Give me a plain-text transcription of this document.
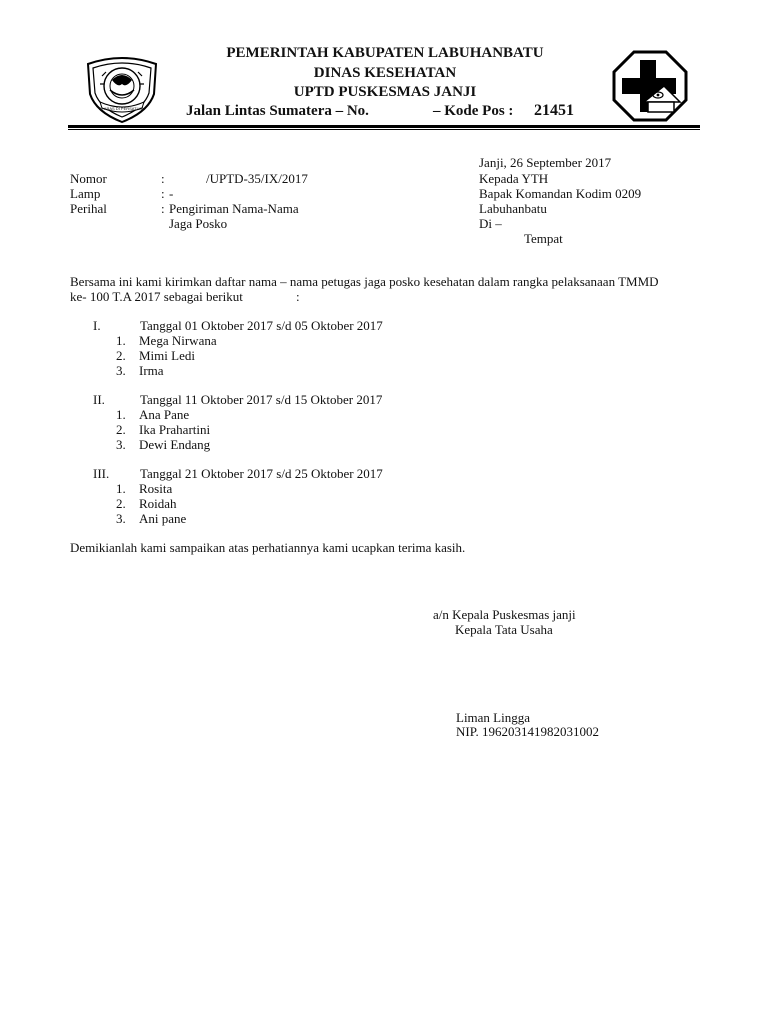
DI ARAS DI PERSATUAN
PEMERINTAH KABUPATEN LABUHANBATU
DINAS KESEHATAN
UPTD PUSKESMAS JANJI
Jalan Lintas Sumatera – No.	– Kode Pos : 21451
Janji, 26 September 2017
Nomor	:	/UPTD-35/IX/2017
Lamp	: -
Perihal	: Pengiriman Nama-Nama
Jaga Posko
Kepada YTH
Bapak Komandan Kodim 0209
Labuhanbatu
Di –
Tempat
Bersama ini kami kirimkan daftar nama – nama petugas jaga posko kesehatan dalam rangka pelaksanaan TMMD
ke- 100 T.A 2017 sebagai berikut	:
I.	Tanggal 01 Oktober 2017 s/d 05 Oktober 2017
1. Mega Nirwana
2. Mimi Ledi
3. Irma
II.	Tanggal 11 Oktober 2017 s/d 15 Oktober 2017
1. Ana Pane
2. Ika Prahartini
3. Dewi Endang
III. Tanggal 21 Oktober 2017 s/d 25 Oktober 2017
1. Rosita
2. Roidah
3. Ani pane
Demikianlah kami sampaikan atas perhatiannya kami ucapkan terima kasih.
a/n Kepala Puskesmas janji
Kepala Tata Usaha
Liman Lingga
NIP. 196203141982031002
